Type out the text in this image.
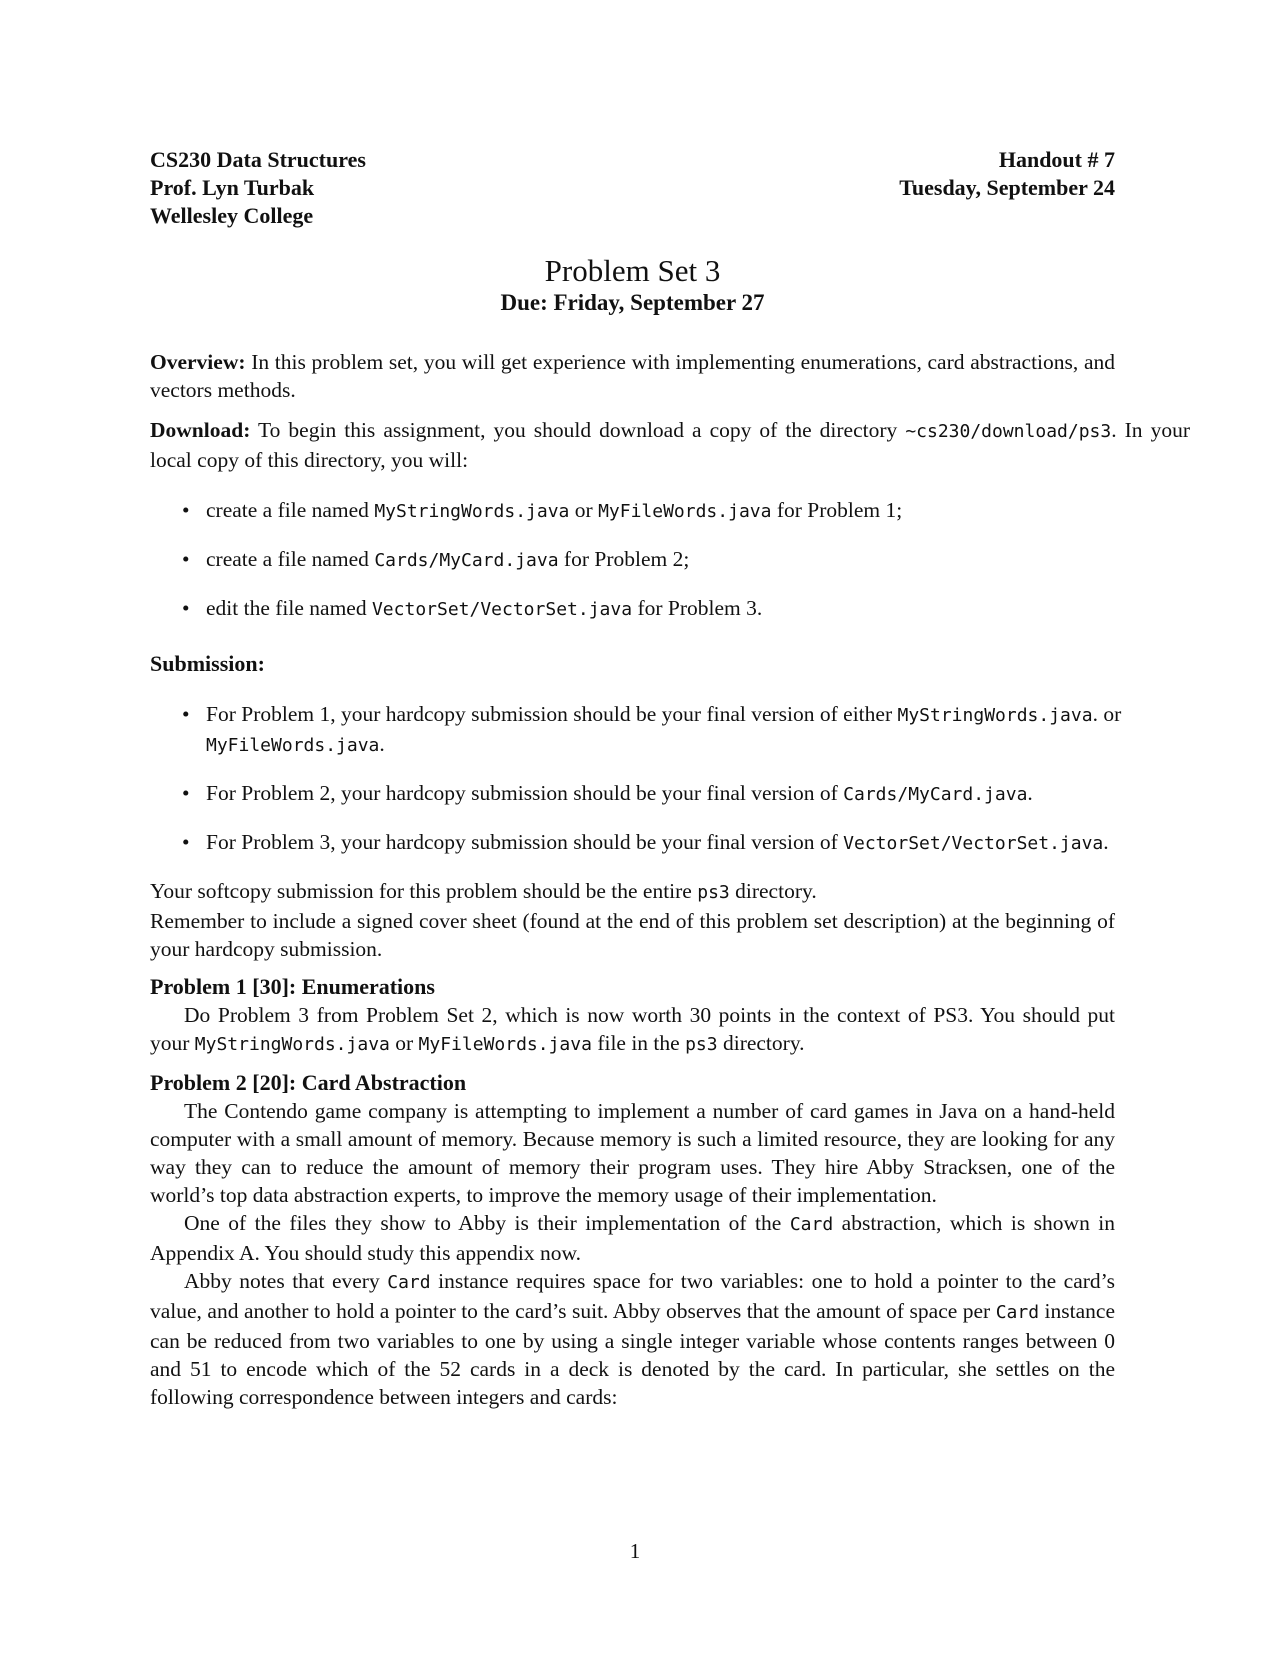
CS230 Data Structures
Prof. Lyn Turbak
Wellesley College
Handout # 7
Tuesday, September 24
Problem Set 3
Due: Friday, September 27

Overview: In this problem set, you will get experience with implementing enumerations, card abstractions, and vectors methods.

Download: To begin this assignment, you should download a copy of the directory ~cs230/download/ps3. In your local copy of this directory, you will:

• create a file named MyStringWords.java or MyFileWords.java for Problem 1;
• create a file named Cards/MyCard.java for Problem 2;
• edit the file named VectorSet/VectorSet.java for Problem 3.
Submission:
• For Problem 1, your hardcopy submission should be your final version of either MyStringWords.java. or MyFileWords.java.
• For Problem 2, your hardcopy submission should be your final version of Cards/MyCard.java.
• For Problem 3, your hardcopy submission should be your final version of VectorSet/VectorSet.java.

Your softcopy submission for this problem should be the entire ps3 directory.

Remember to include a signed cover sheet (found at the end of this problem set description) at the beginning of your hardcopy submission.

Problem 1 [30]: Enumerations

Do Problem 3 from Problem Set 2, which is now worth 30 points in the context of PS3. You should put your MyStringWords.java or MyFileWords.java file in the ps3 directory.

Problem 2 [20]: Card Abstraction

The Contendo game company is attempting to implement a number of card games in Java on a hand-held computer with a small amount of memory. Because memory is such a limited resource, they are looking for any way they can to reduce the amount of memory their program uses. They hire Abby Stracksen, one of the world’s top data abstraction experts, to improve the memory usage of their implementation.

One of the files they show to Abby is their implementation of the Card abstraction, which is shown in Appendix A. You should study this appendix now.

Abby notes that every Card instance requires space for two variables: one to hold a pointer to the card’s value, and another to hold a pointer to the card’s suit. Abby observes that the amount of space per Card instance can be reduced from two variables to one by using a single integer variable whose contents ranges between 0 and 51 to encode which of the 52 cards in a deck is denoted by the card. In particular, she settles on the following correspondence between integers and cards:

1
